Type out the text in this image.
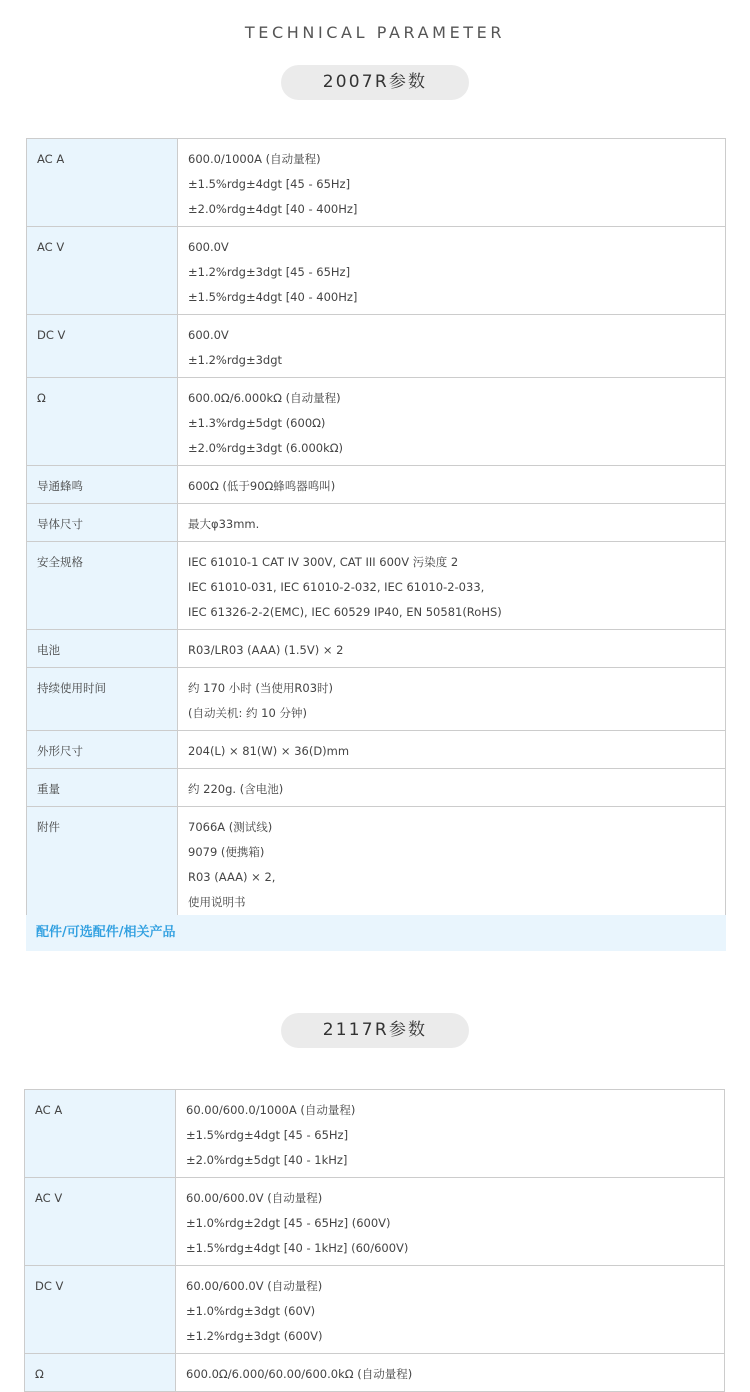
TECHNICAL PARAMETER
2007R参数
AC A	600.0/1000A (自动量程)
±1.5%rdg±4dgt [45 - 65Hz]
±2.0%rdg±4dgt [40 - 400Hz]

AC V	600.0V
±1.2%rdg±3dgt [45 - 65Hz]
±1.5%rdg±4dgt [40 - 400Hz]

DC V	600.0V
±1.2%rdg±3dgt

Ω	600.0Ω/6.000kΩ (自动量程)
±1.3%rdg±5dgt (600Ω)
±2.0%rdg±3dgt (6.000kΩ)

导通蜂鸣	600Ω (低于90Ω蜂鸣器鸣叫)

导体尺寸	最大φ33mm.

安全规格	IEC 61010-1 CAT IV 300V, CAT III 600V 污染度 2
IEC 61010-031, IEC 61010-2-032, IEC 61010-2-033,
IEC 61326-2-2(EMC), IEC 60529 IP40, EN 50581(RoHS)

电池	R03/LR03 (AAA) (1.5V) × 2

持续使用时间	约 170 小时 (当使用R03时)
(自动关机: 约 10 分钟)

外形尺寸	204(L) × 81(W) × 36(D)mm

重量	约 220g. (含电池)

附件	7066A (测试线)
9079 (便携箱)
R03 (AAA) × 2,
使用说明书
配件/可选配件/相关产品
2117R参数
AC A	60.00/600.0/1000A (自动量程)
±1.5%rdg±4dgt [45 - 65Hz]
±2.0%rdg±5dgt [40 - 1kHz]

AC V	60.00/600.0V (自动量程)
±1.0%rdg±2dgt [45 - 65Hz] (600V)
±1.5%rdg±4dgt [40 - 1kHz] (60/600V)

DC V	60.00/600.0V (自动量程)
±1.0%rdg±3dgt (60V)
±1.2%rdg±3dgt (600V)

Ω	600.0Ω/6.000/60.00/600.0kΩ (自动量程)
